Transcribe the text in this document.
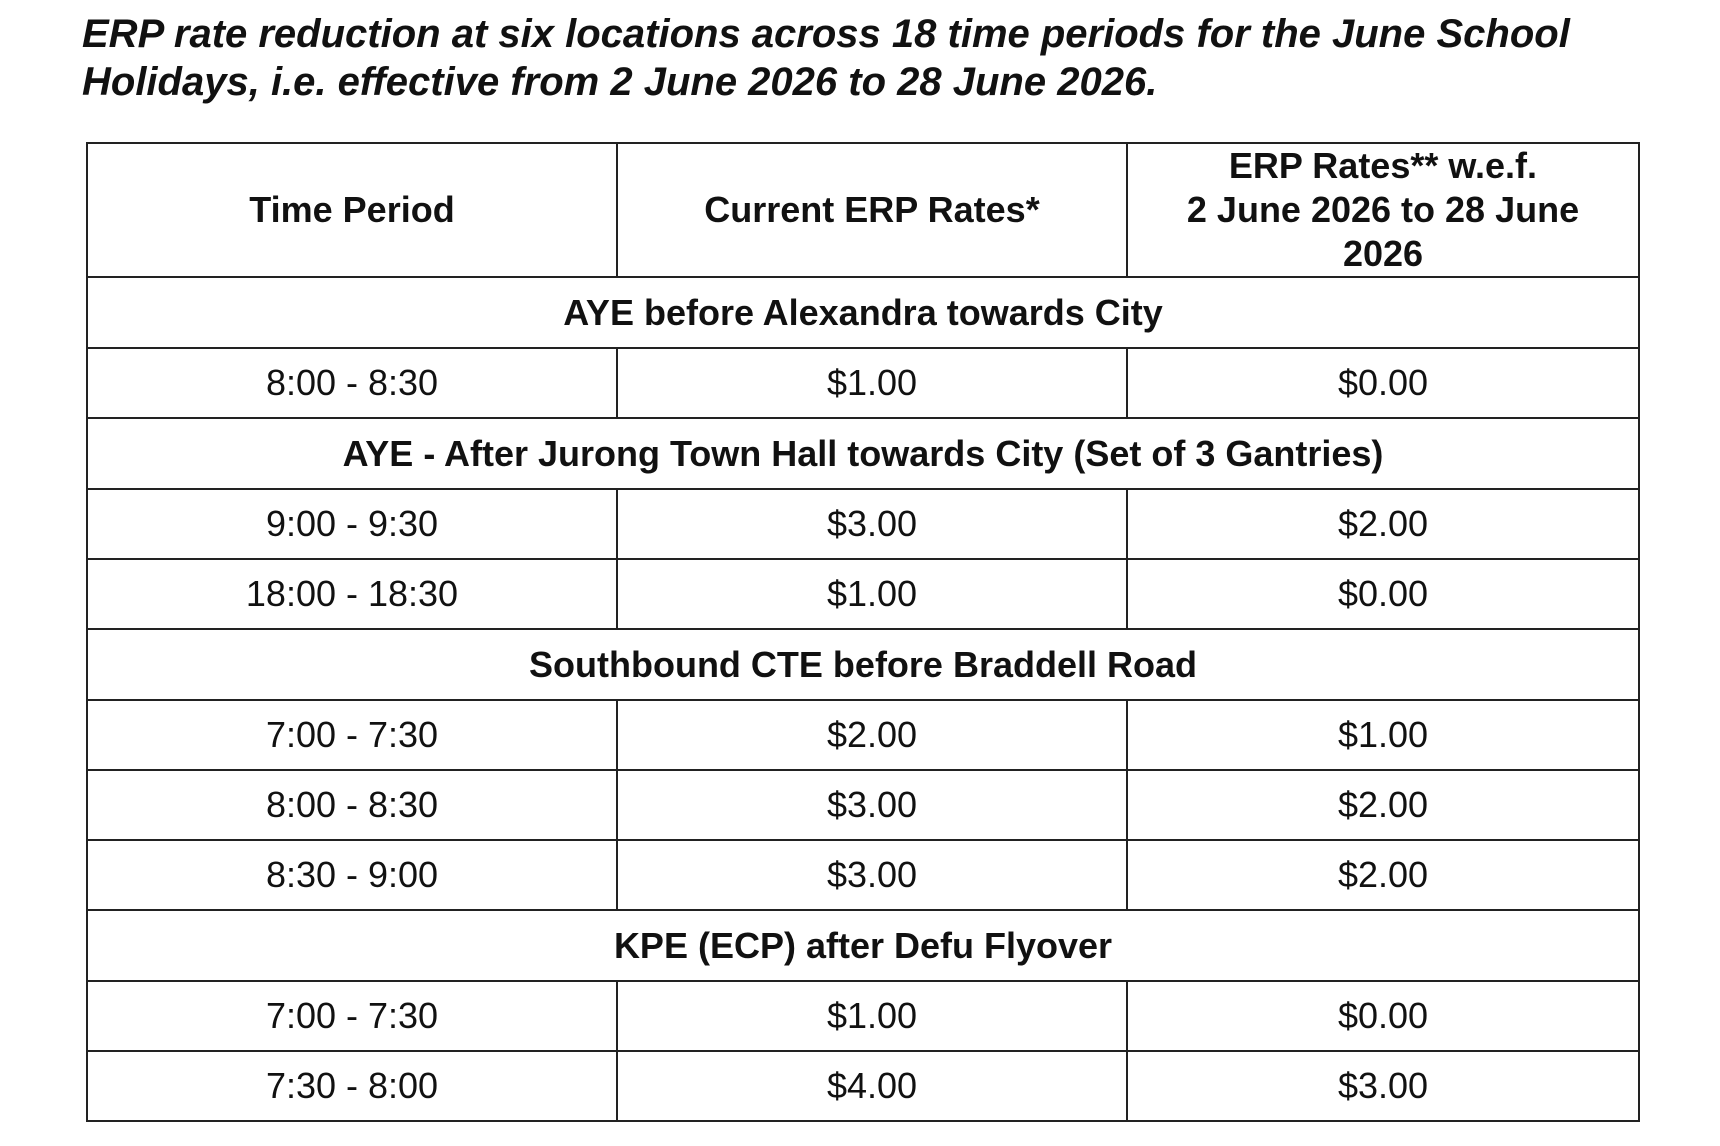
ERP rate reduction at six locations across 18 time periods for the June School
Holidays, i.e. effective from 2 June 2026 to 28 June 2026.
Time Period	Current ERP Rates*	ERP Rates** w.e.f.
2 June 2026 to 28 June
2026

AYE before Alexandra towards City		
8:00 - 8:30	$1.00	$0.00
AYE - After Jurong Town Hall towards City (Set of 3 Gantries)		
9:00 - 9:30	$3.00	$2.00
18:00 - 18:30	$1.00	$0.00
Southbound CTE before Braddell Road		
7:00 - 7:30	$2.00	$1.00
8:00 - 8:30	$3.00	$2.00
8:30 - 9:00	$3.00	$2.00
KPE (ECP) after Defu Flyover		
7:00 - 7:30	$1.00	$0.00
7:30 - 8:00	$4.00	$3.00
